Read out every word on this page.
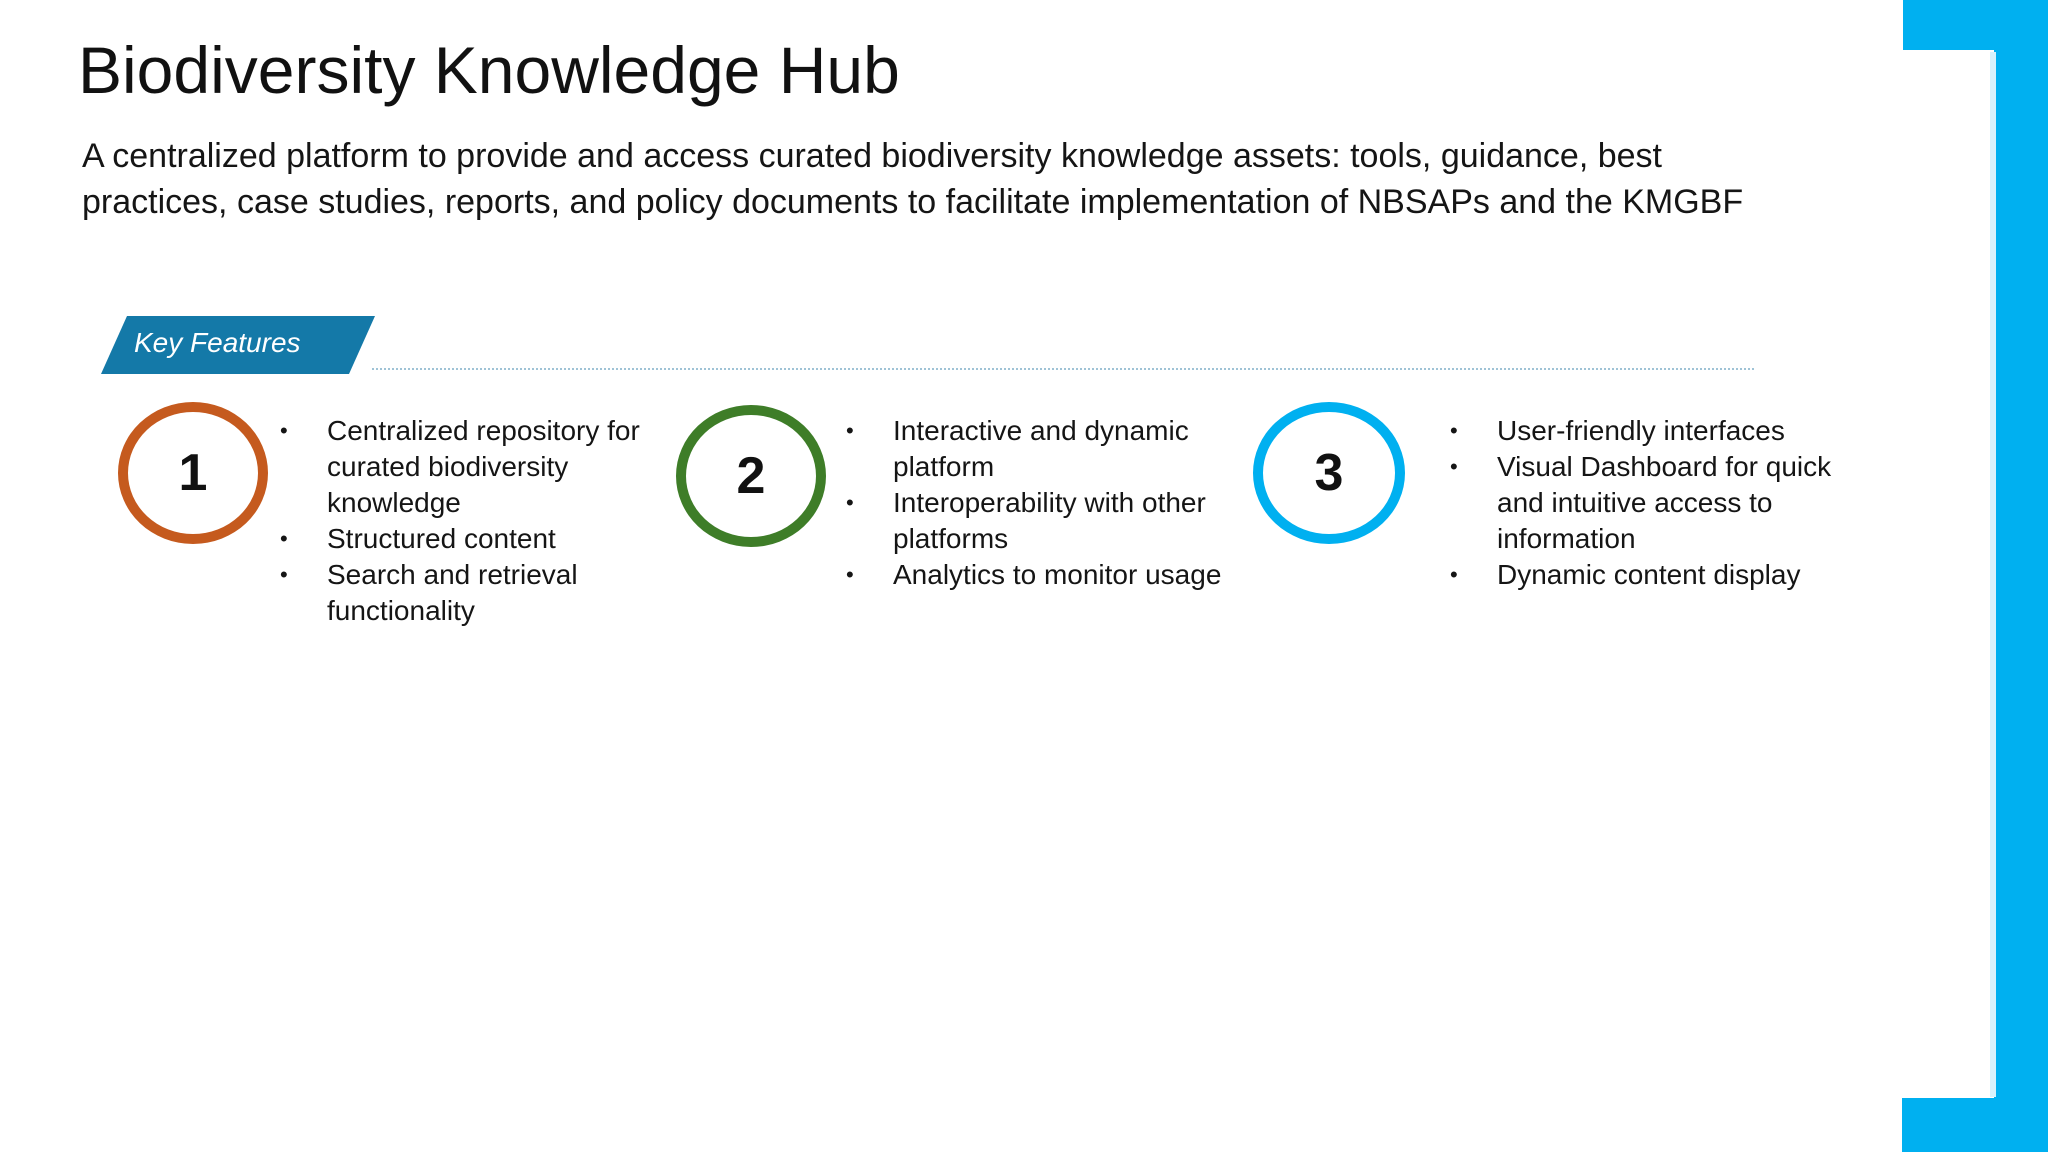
Biodiversity Knowledge Hub

A centralized platform to provide and access curated biodiversity knowledge assets: tools, guidance, best
practices, case studies, reports, and policy documents to facilitate implementation of NBSAPs and the KMGBF

Key Features
1
• Centralized repository for curated biodiversity knowledge
• Structured content
• Search and retrieval functionality
2
• Interactive and dynamic platform
• Interoperability with other platforms
• Analytics to monitor usage
3
• User-friendly interfaces
• Visual Dashboard for quick and intuitive access to information
• Dynamic content display
